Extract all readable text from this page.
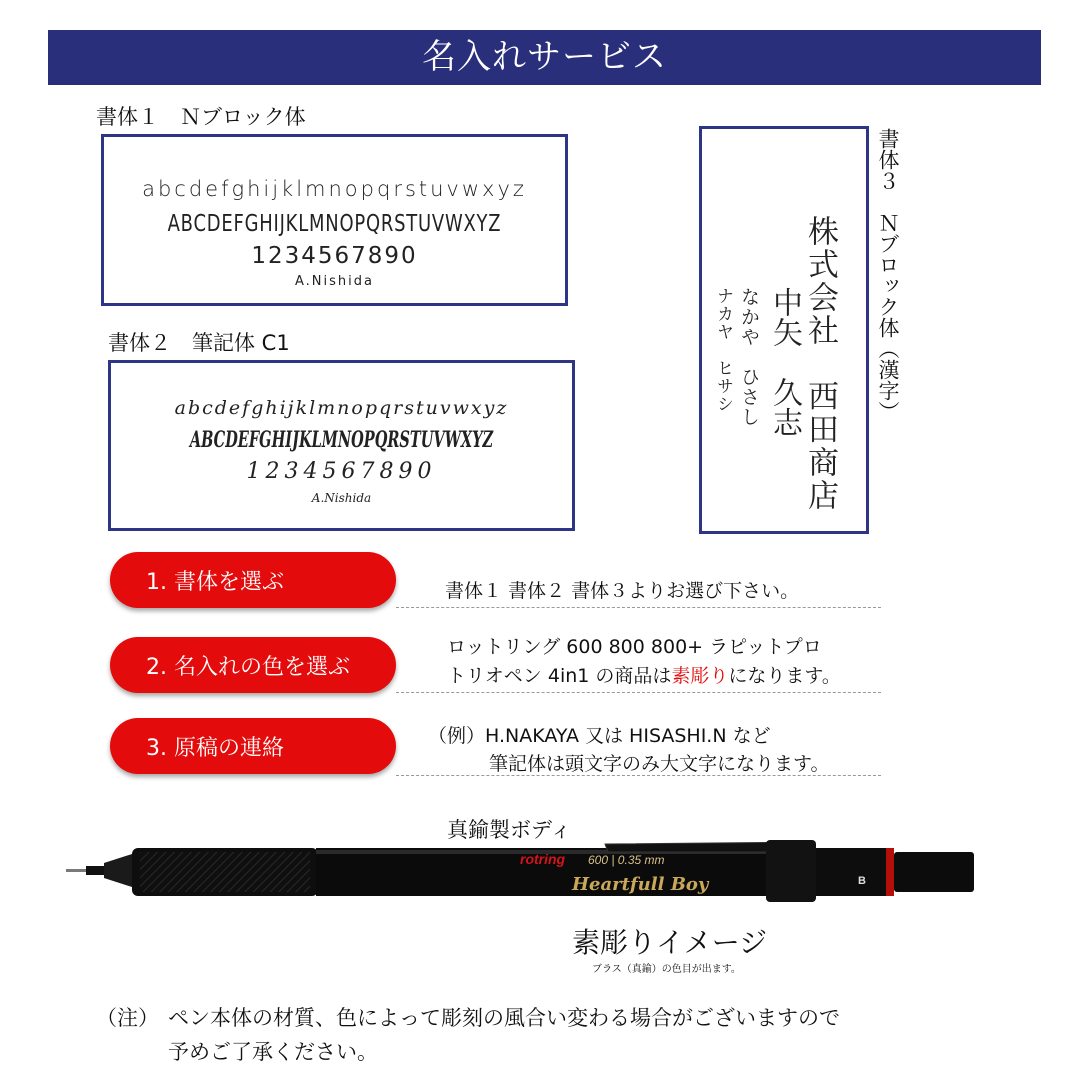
名入れサービス
書体１　Ｎブロック体
abcdefghijklmnopqrstuvwxyz
ABCDEFGHIJKLMNOPQRSTUVWXYZ
1234567890
A.Nishida
書体２　筆記体 C1
abcdefghijklmnopqrstuvwxyz
ABCDEFGHIJKLMNOPQRSTUVWXYZ
1234567890
A.Nishida	株式会社　西田商店
中矢　久志
なかや　ひさし
ナカヤ　ヒサシ	書体３　Ｎブロック体（漢字）
1. 書体を選ぶ	書体１ 書体２ 書体３よりお選び下さい。
2. 名入れの色を選ぶ
ロットリング 600 800 800+ ラピットプロ
トリオペン 4in1 の商品は素彫りになります。
3. 原稿の連絡	（例）H.NAKAYA 又は HISASHI.N など
筆記体は頭文字のみ大文字になります。
真鍮製ボディ
rotring 600 | 0.35 mm
Heartfull Boy	B
素彫りイメージ
ブラス（真鍮）の色目が出ます。
（注） ペン本体の材質、色によって彫刻の風合い変わる場合がございますので
予めご了承ください。
